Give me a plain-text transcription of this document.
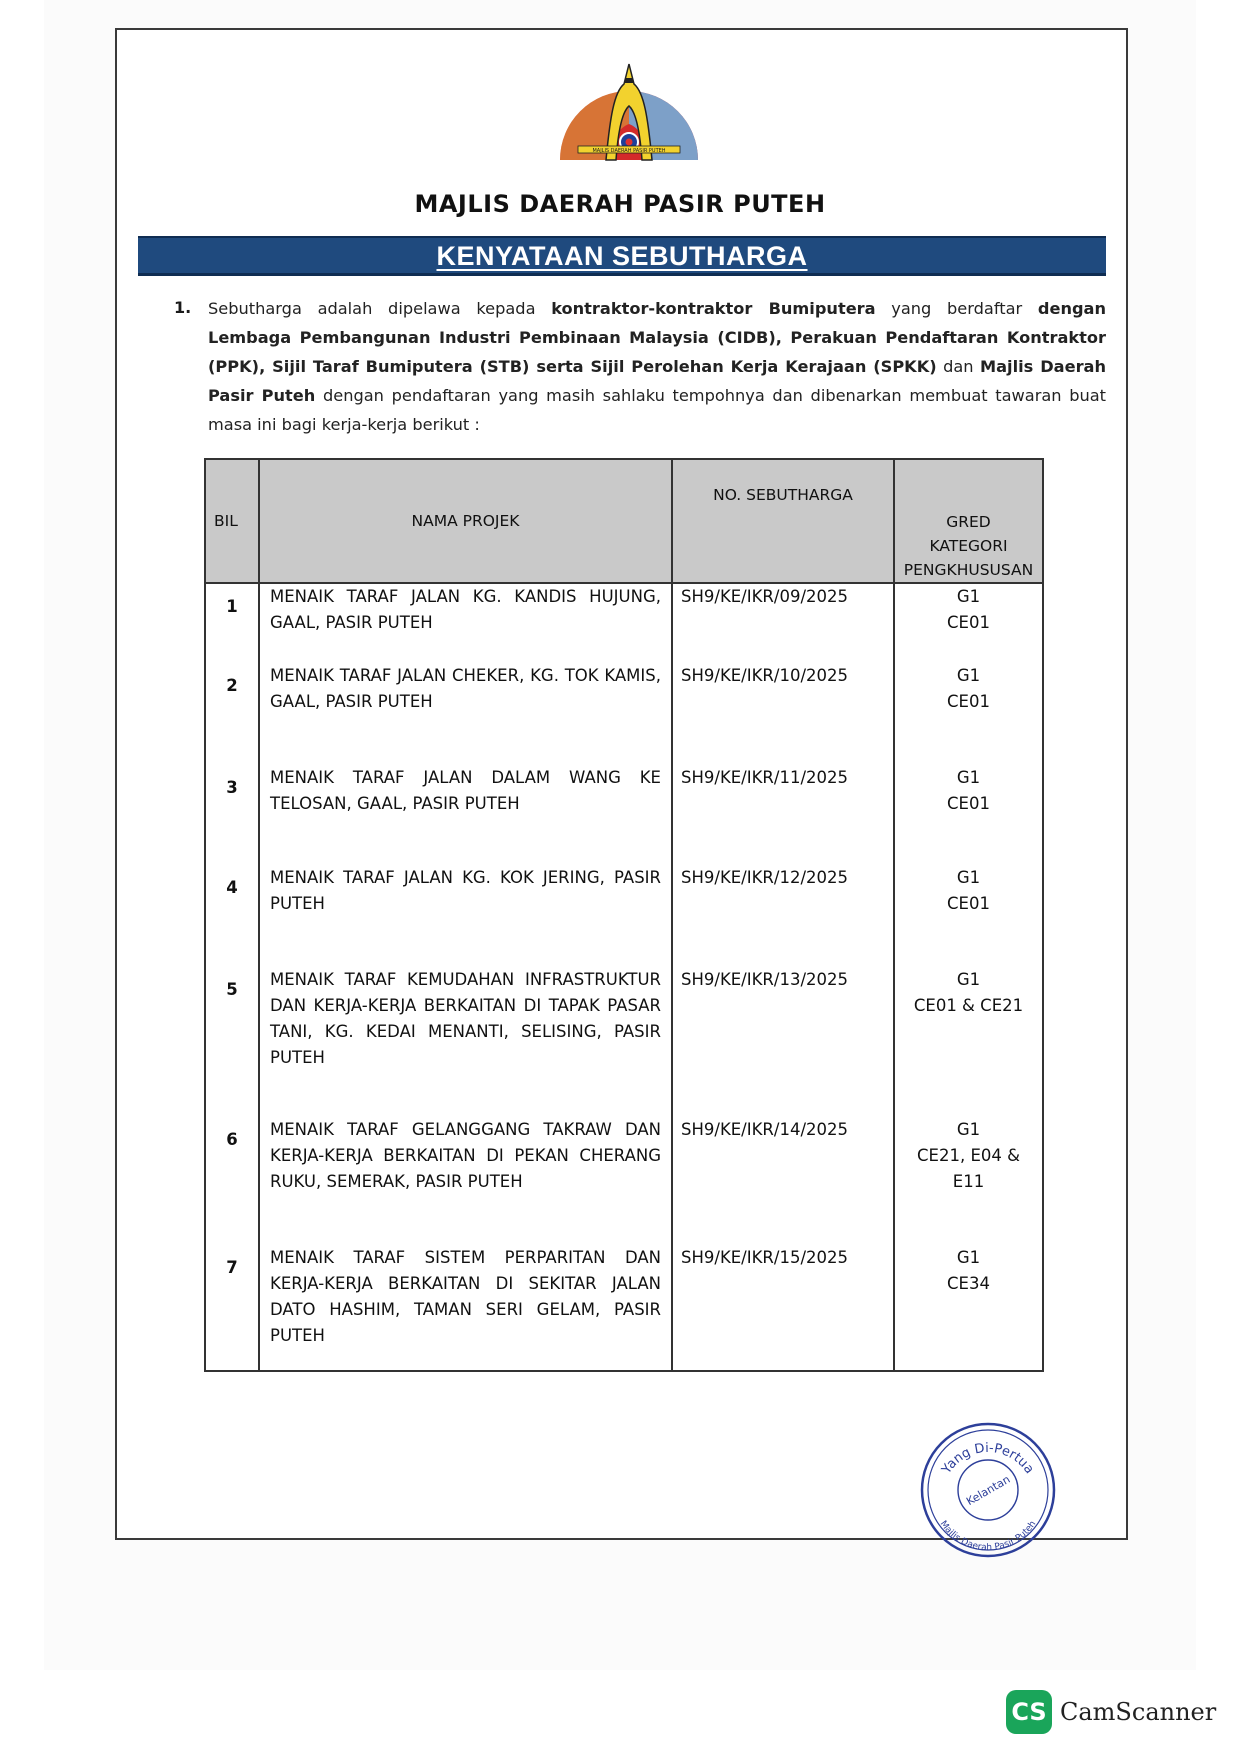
MAJLIS DAERAH PASIR PUTEH
MAJLIS DAERAH PASIR PUTEH
KENYATAAN SEBUTHARGA
1. Sebutharga adalah dipelawa kepada kontraktor-kontraktor Bumiputera yang berdaftar dengan Lembaga Pembangunan Industri Pembinaan Malaysia (CIDB), Perakuan Pendaftaran Kontraktor (PPK), Sijil Taraf Bumiputera (STB) serta Sijil Perolehan Kerja Kerajaan (SPKK) dan Majlis Daerah Pasir Puteh dengan pendaftaran yang masih sahlaku tempohnya dan dibenarkan membuat tawaran buat masa ini bagi kerja-kerja berikut :
BIL	NAMA PROJEK	NO. SEBUTHARGA	GRED
KATEGORI
PENGKHUSUSAN

1	MENAIK TARAF JALAN KG. KANDIS HUJUNG, GAAL, PASIR PUTEH	SH9/KE/IKR/09/2025	G1
CE01

2	MENAIK TARAF JALAN CHEKER, KG. TOK KAMIS, GAAL, PASIR PUTEH	SH9/KE/IKR/10/2025	G1
CE01

3	MENAIK TARAF JALAN DALAM WANG KE TELOSAN, GAAL, PASIR PUTEH	SH9/KE/IKR/11/2025	G1
CE01

4	MENAIK TARAF JALAN KG. KOK JERING, PASIR PUTEH	SH9/KE/IKR/12/2025	G1
CE01

5	MENAIK TARAF KEMUDAHAN INFRASTRUKTUR DAN KERJA-KERJA BERKAITAN DI TAPAK PASAR TANI, KG. KEDAI MENANTI, SELISING, PASIR PUTEH	SH9/KE/IKR/13/2025	G1
CE01 & CE21

6	MENAIK TARAF GELANGGANG TAKRAW DAN KERJA-KERJA BERKAITAN DI PEKAN CHERANG RUKU, SEMERAK, PASIR PUTEH	SH9/KE/IKR/14/2025	G1
CE21, E04 & E11

7	MENAIK TARAF SISTEM PERPARITAN DAN KERJA-KERJA BERKAITAN DI SEKITAR JALAN DATO HASHIM, TAMAN SERI GELAM, PASIR PUTEH	SH9/KE/IKR/15/2025	G1
CE34
Yang Di-Pertua
Kelantan
Majlis Daerah Pasir Puteh
CS CamScanner
